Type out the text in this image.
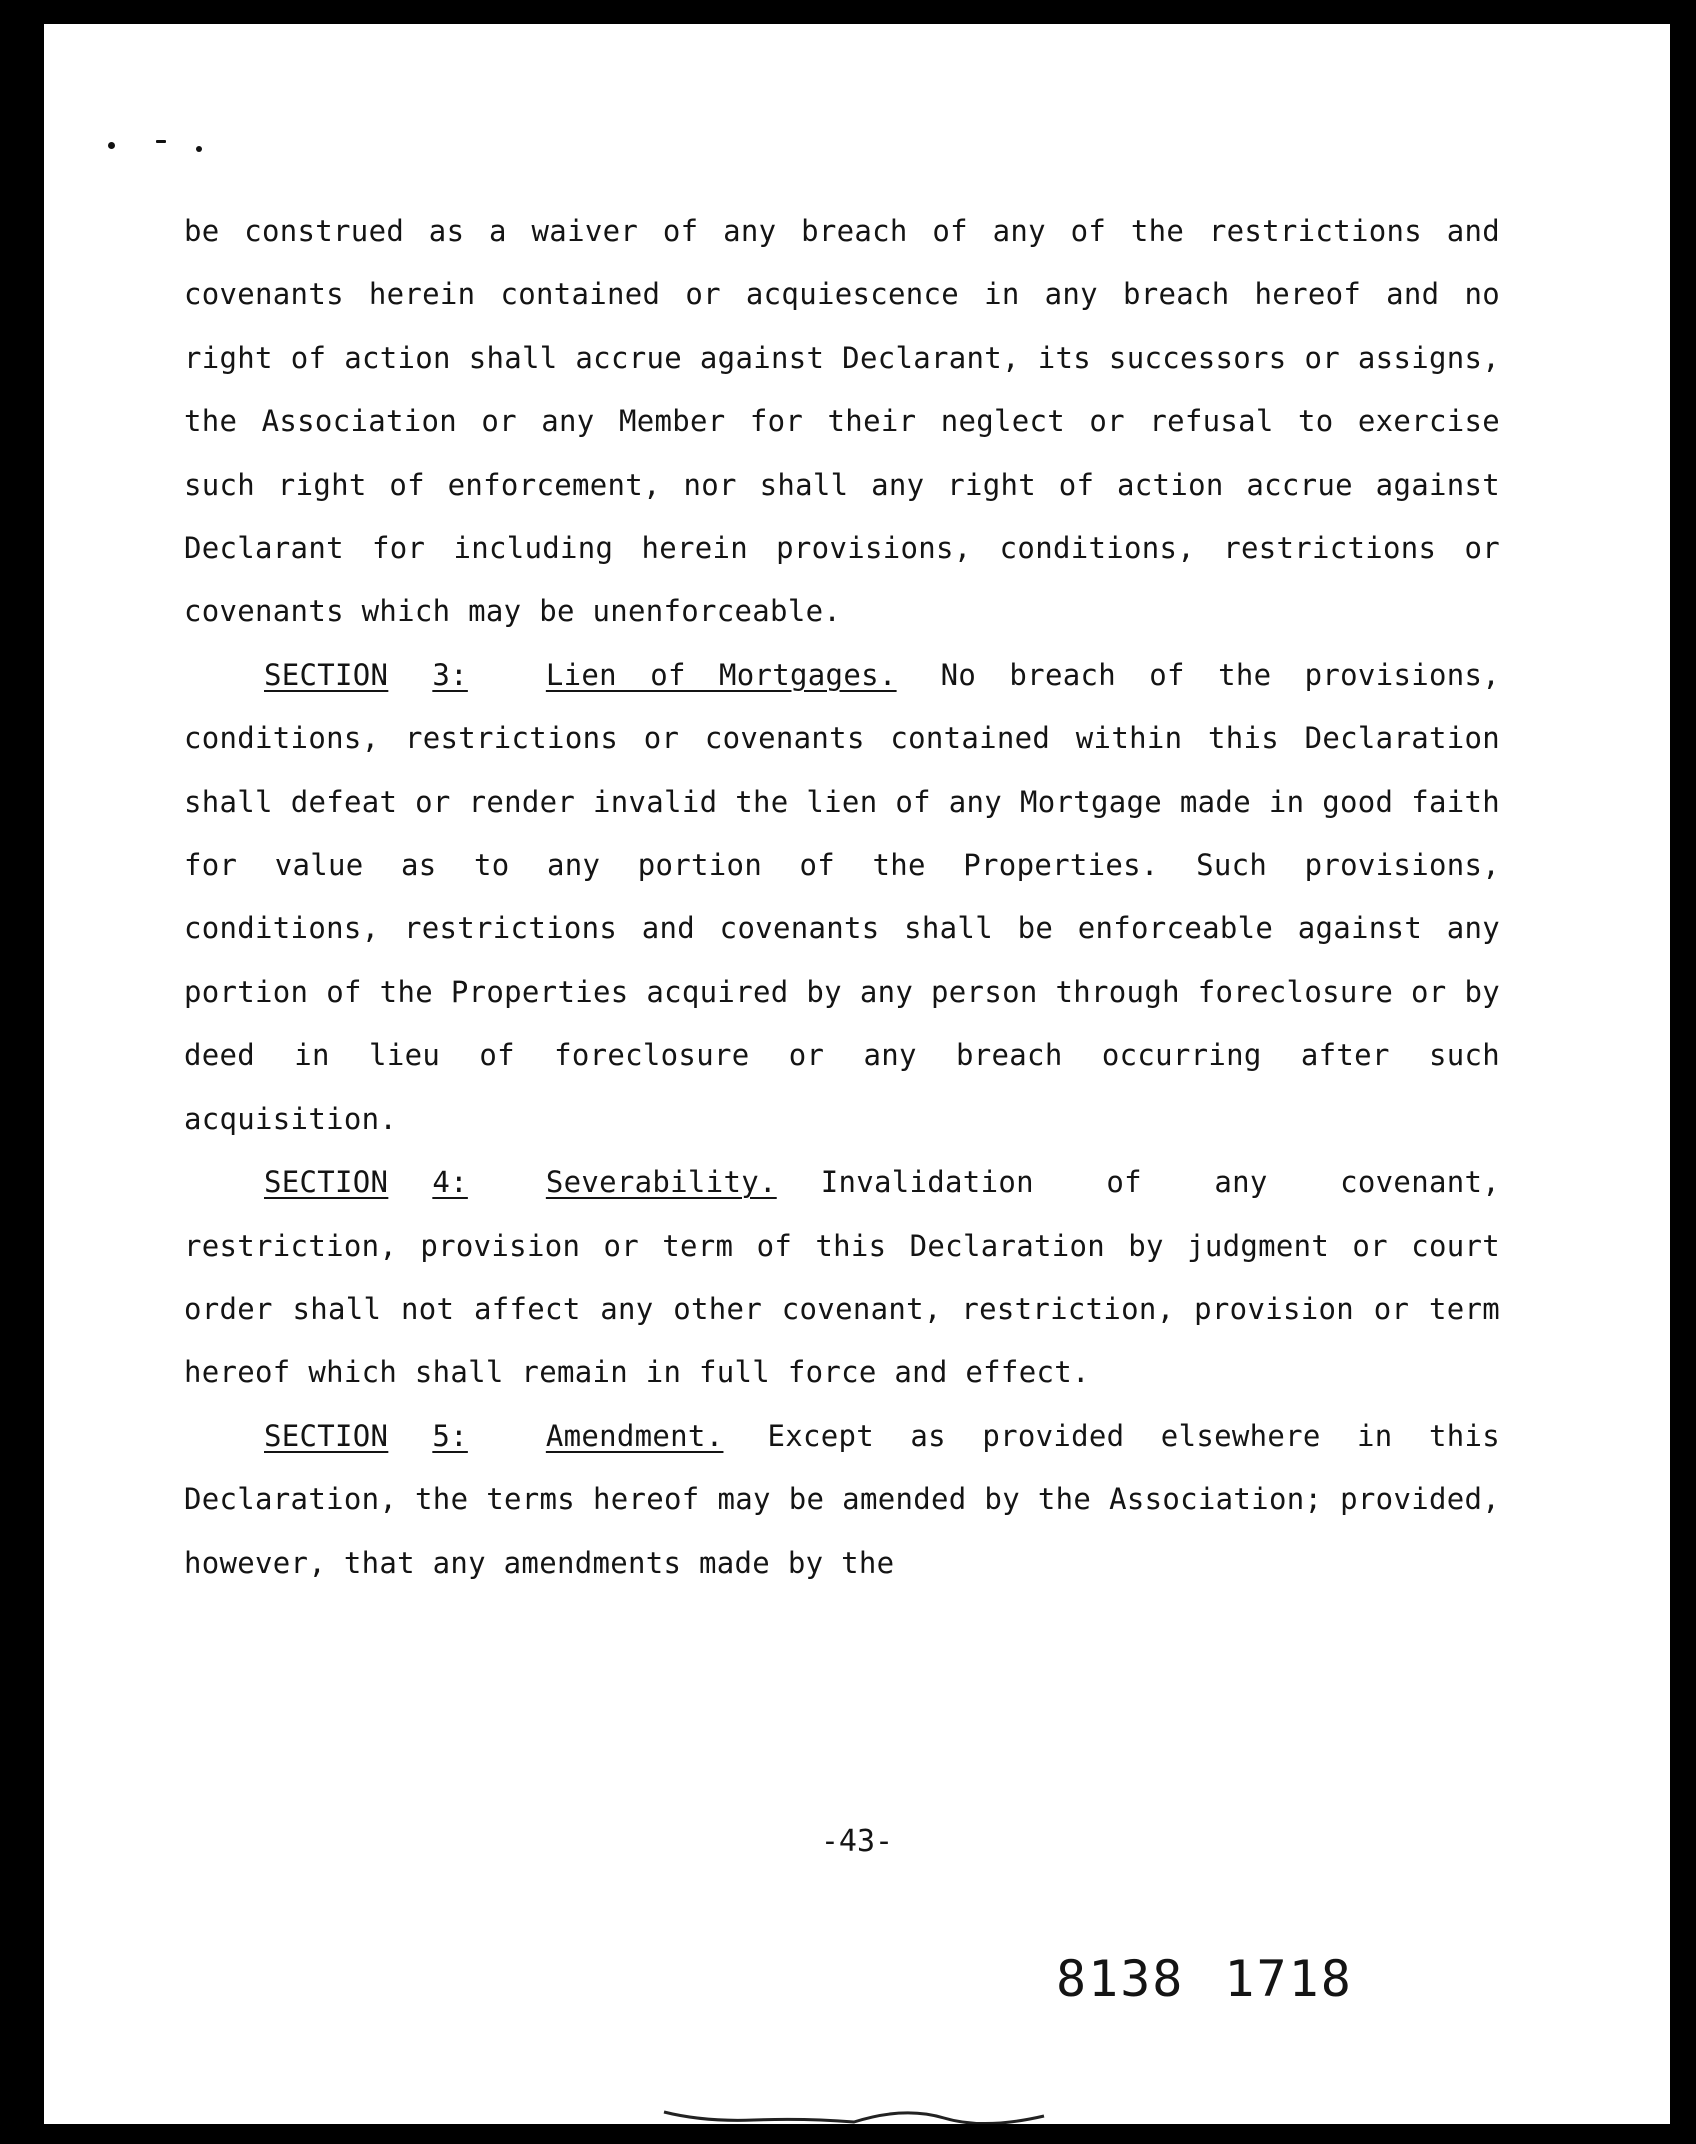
be construed as a waiver of any breach of any of the restrictions and covenants herein contained or acquiescence in any breach hereof and no right of action shall accrue against Declarant, its successors or assigns, the Association or any Member for their neglect or refusal to exercise such right of enforcement, nor shall any right of action accrue against Declarant for including herein provisions, conditions, restrictions or covenants which may be unenforceable.

SECTION 3:	Lien of Mortgages. No breach of the provisions, conditions, restrictions or covenants contained within this Declaration shall defeat or render invalid the lien of any Mortgage made in good faith for value as to any portion of the Properties. Such provisions, conditions, restrictions and covenants shall be enforceable against any portion of the Properties acquired by any person through foreclosure or by deed in lieu of foreclosure or any breach occurring after such acquisition.

SECTION 4:	Severability. Invalidation of any covenant, restriction, provision or term of this Declaration by judgment or court order shall not affect any other covenant, restriction, provision or term hereof which shall remain in full force and effect.

SECTION 5:	Amendment. Except as provided elsewhere in this Declaration, the terms hereof may be amended by the Association; provided, however, that any amendments made by the

-43-
8138 1718
